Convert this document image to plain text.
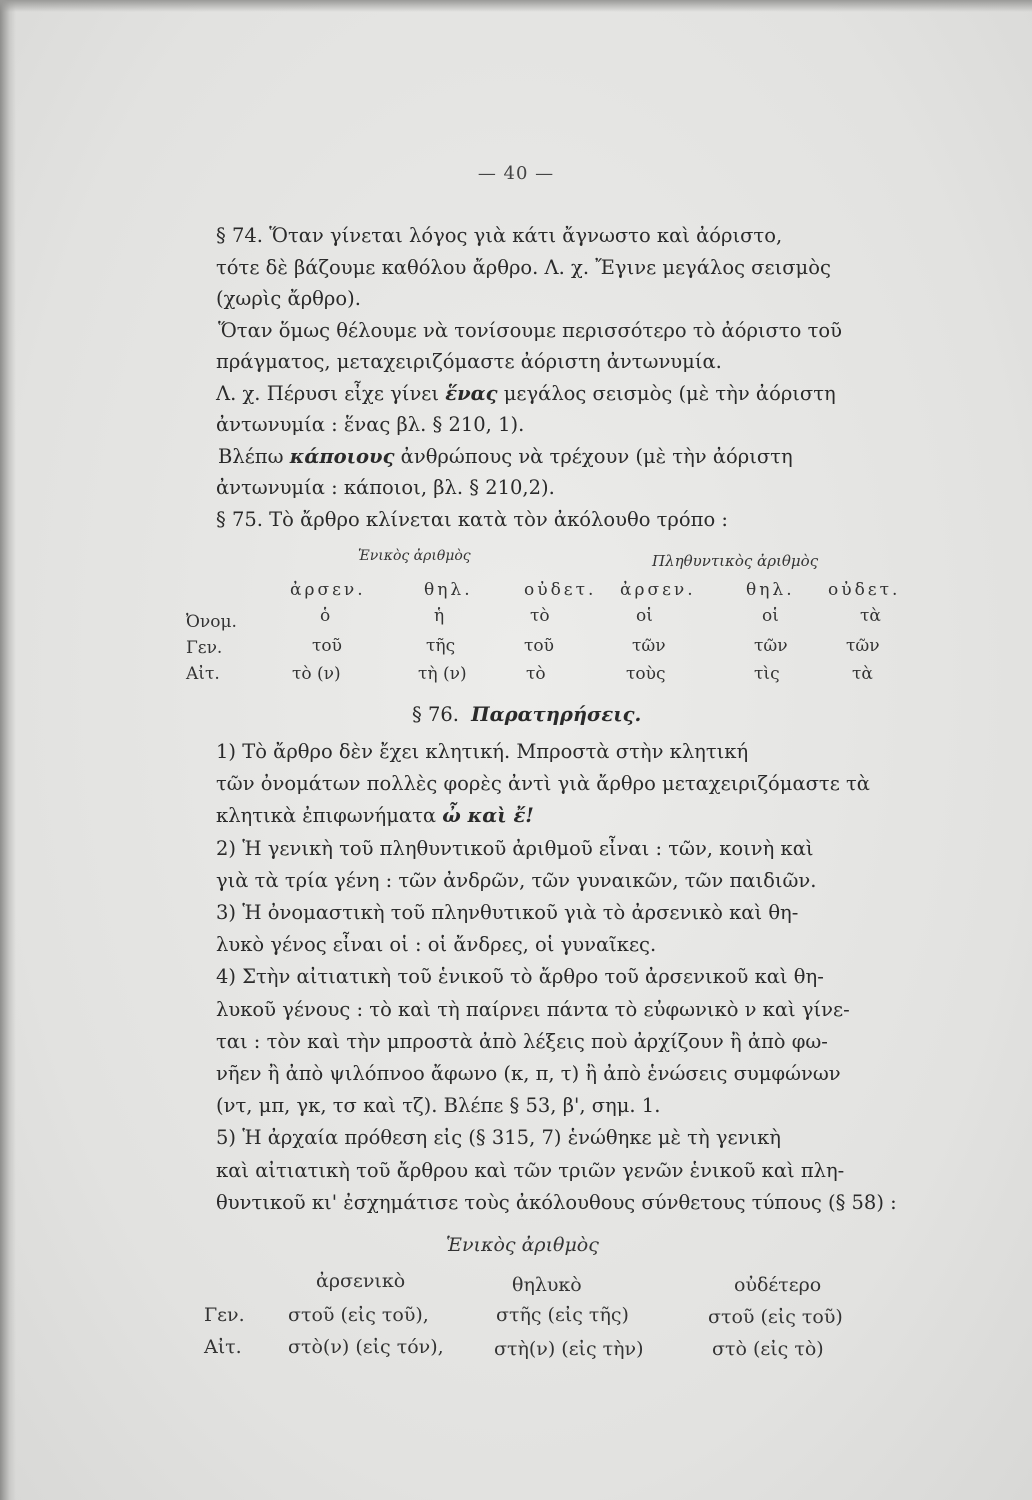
— 40 —
§ 74. Ὅταν γίνεται λόγος γιὰ κάτι ἄγνωστο καὶ ἀόριστο,
τότε δὲ βάζουμε καθόλου ἄρθρο. Λ. χ. Ἔγινε μεγάλος σεισμὸς
(χωρὶς ἄρθρο).
Ὅταν ὅμως θέλουμε νὰ τονίσουμε περισσότερο τὸ ἀόριστο τοῦ
πράγματος, μεταχειριζόμαστε ἀόριστη ἀντωνυμία.
Λ. χ. Πέρυσι εἶχε γίνει ἕνας μεγάλος σεισμὸς (μὲ τὴν ἀόριστη
ἀντωνυμία : ἕνας βλ. § 210, 1).
Βλέπω κάποιους ἀνθρώπους νὰ τρέχουν (μὲ τὴν ἀόριστη
ἀντωνυμία : κάποιοι, βλ. § 210,2).
§ 75. Τὸ ἄρθρο κλίνεται κατὰ τὸν ἀκόλουθο τρόπο :
Ἑνικὸς ἀριθμὸς	Πληθυντικὸς ἀριθμὸς
ἀρσεν.	θηλ.	οὐδετ. ἀρσεν.	θηλ. οὐδετ.
Ὀνομ.	ὁ	ἡ	τὸ	οἱ	οἱ	τὰ
Γεν.	τοῦ	τῆς	τοῦ	τῶν	τῶν	τῶν
Αἰτ.	τὸ (ν)	τὴ (ν)	τὸ	τοὺς	τὶς	τὰ
§ 76. Παρατηρήσεις.
1) Τὸ ἄρθρο δὲν ἔχει κλητική. Μπροστὰ στὴν κλητική
τῶν ὀνομάτων πολλὲς φορὲς ἀντὶ γιὰ ἄρθρο μεταχειριζόμαστε τὰ
κλητικὰ ἐπιφωνήματα ὦ καὶ ἔ!
2) Ἡ γενικὴ τοῦ πληθυντικοῦ ἀριθμοῦ εἶναι : τῶν, κοινὴ καὶ
γιὰ τὰ τρία γένη : τῶν ἀνδρῶν, τῶν γυναικῶν, τῶν παιδιῶν.
3) Ἡ ὀνομαστικὴ τοῦ πληνθυτικοῦ γιὰ τὸ ἀρσενικὸ καὶ θη-
λυκὸ γένος εἶναι οἱ : οἱ ἄνδρες, οἱ γυναῖκες.
4) Στὴν αἰτιατικὴ τοῦ ἑνικοῦ τὸ ἄρθρο τοῦ ἀρσενικοῦ καὶ θη-
λυκοῦ γένους : τὸ καὶ τὴ παίρνει πάντα τὸ εὐφωνικὸ ν καὶ γίνε-
ται : τὸν καὶ τὴν μπροστὰ ἀπὸ λέξεις ποὺ ἀρχίζουν ἢ ἀπὸ φω-
νῆεν ἢ ἀπὸ ψιλόπνοο ἄφωνο (κ, π, τ) ἢ ἀπὸ ἑνώσεις συμφώνων
(ντ, μπ, γκ, τσ καὶ τζ). Βλέπε § 53, β', σημ. 1.
5) Ἡ ἀρχαία πρόθεση εἰς (§ 315, 7) ἑνώθηκε μὲ τὴ γενικὴ
καὶ αἰτιατικὴ τοῦ ἄρθρου καὶ τῶν τριῶν γενῶν ἑνικοῦ καὶ πλη-
θυντικοῦ κι' ἐσχημάτισε τοὺς ἀκόλουθους σύνθετους τύπους (§ 58) :
Ἑνικὸς ἀριθμὸς
ἀρσενικὸ	θηλυκὸ	οὐδέτερο
Γεν. στοῦ (εἰς τοῦ),	στῆς (εἰς τῆς)	στοῦ (εἰς τοῦ)
Αἰτ. στὸ(ν) (εἰς τόν),	στὴ(ν) (εἰς τὴν)	στὸ (εἰς τὸ)
